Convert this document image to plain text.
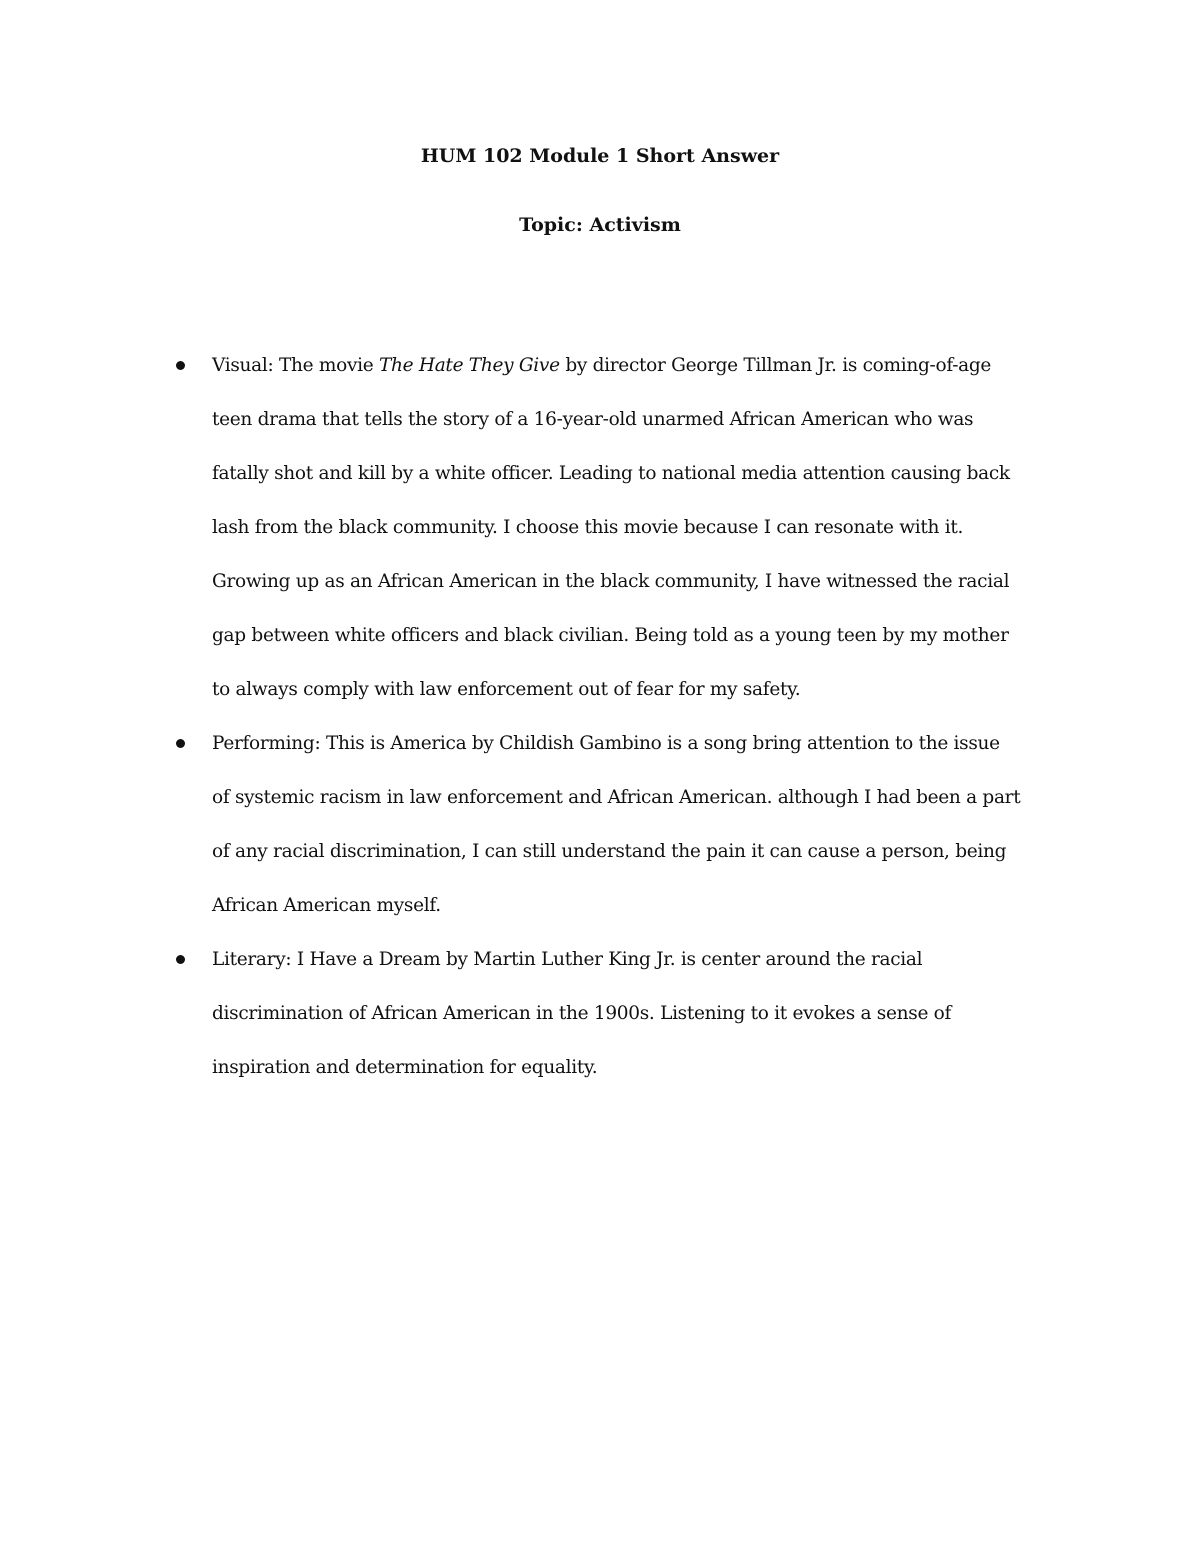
HUM 102 Module 1 Short Answer
Topic: Activism
Visual: The movie The Hate They Give by director George Tillman Jr. is coming-of-age
teen drama that tells the story of a 16-year-old unarmed African American who was
fatally shot and kill by a white officer. Leading to national media attention causing back
lash from the black community. I choose this movie because I can resonate with it.
Growing up as an African American in the black community, I have witnessed the racial
gap between white officers and black civilian. Being told as a young teen by my mother
to always comply with law enforcement out of fear for my safety.
Performing: This is America by Childish Gambino is a song bring attention to the issue
of systemic racism in law enforcement and African American. although I had been a part
of any racial discrimination, I can still understand the pain it can cause a person, being
African American myself.
Literary: I Have a Dream by Martin Luther King Jr. is center around the racial
discrimination of African American in the 1900s. Listening to it evokes a sense of
inspiration and determination for equality.
